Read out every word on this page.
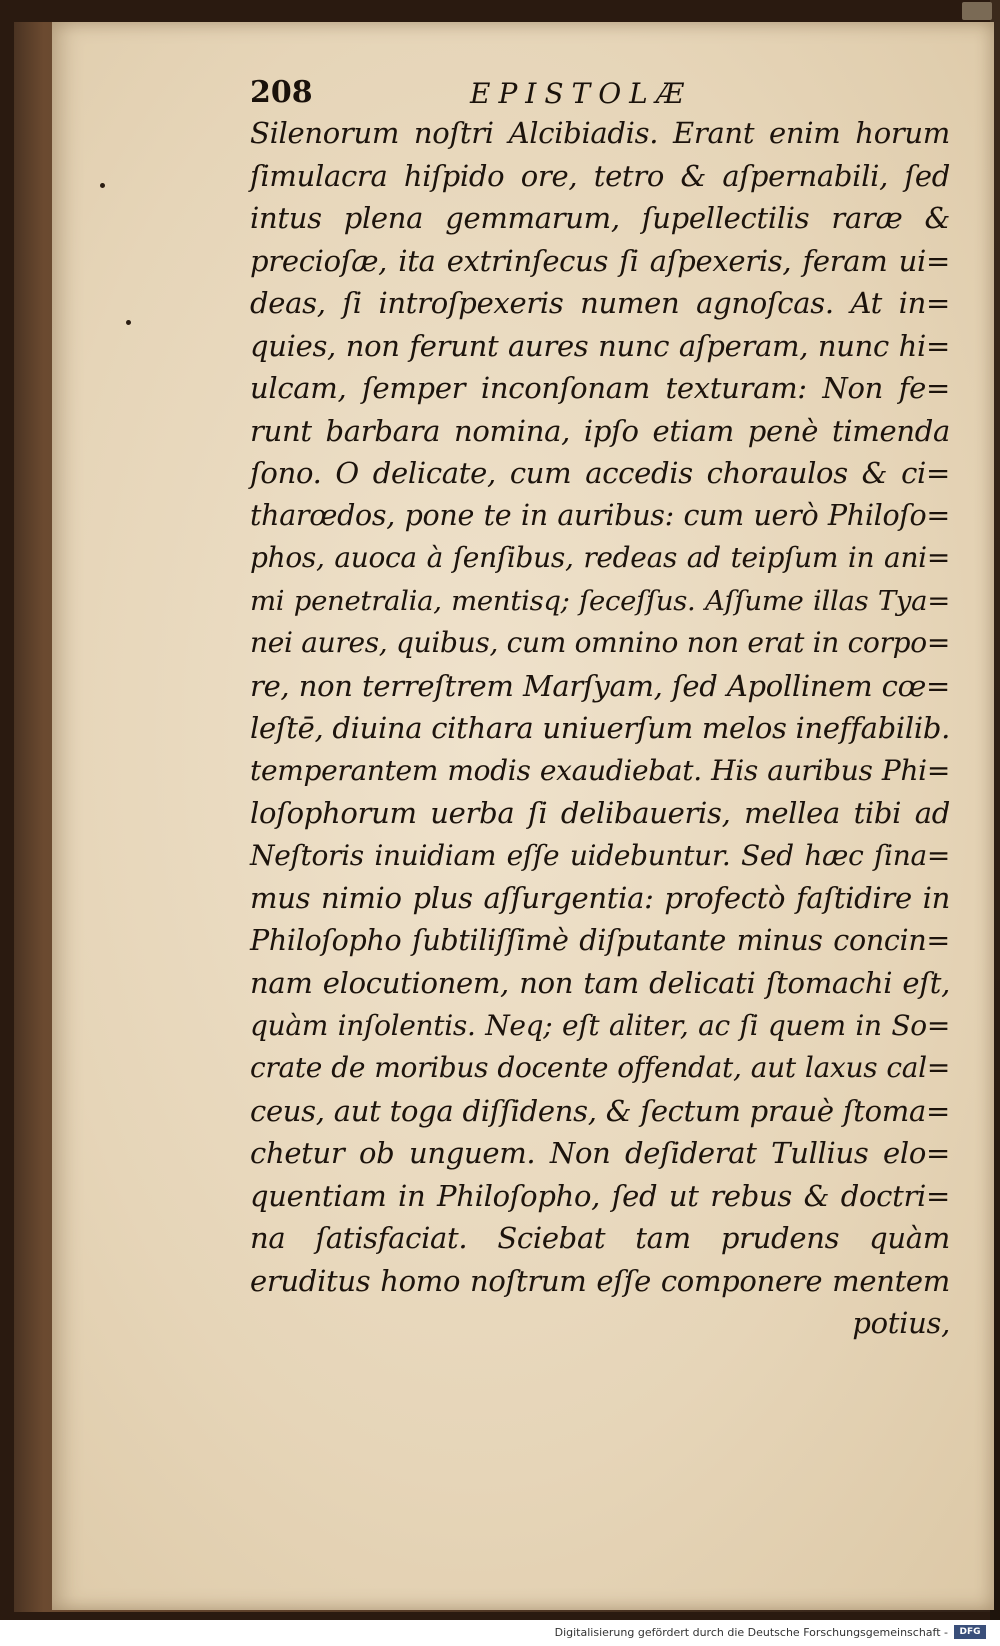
208	EPISTOLÆ
Silenorum noſtri Alcibiadis. Erant enim horum
ſimulacra hiſpido ore, tetro & aſpernabili, ſed
intus plena gemmarum, ſupellectilis raræ &
precioſæ, ita extrinſecus ſi aſpexeris, feram ui=
deas, ſi introſpexeris numen agnoſcas. At in=
quies, non ferunt aures nunc aſperam, nunc hi=
ulcam, ſemper inconſonam texturam: Non fe=
runt barbara nomina, ipſo etiam penè timenda
ſono. O delicate, cum accedis choraulos & ci=
tharœdos, pone te in auribus: cum uerò Philoſo=
phos, auoca à ſenſibus, redeas ad teipſum in ani=
mi penetralia, mentisq; ſeceſſus. Aſſume illas Tya=
nei aures, quibus, cum omnino non erat in corpo=
re, non terreſtrem Marſyam, ſed Apollinem cœ=
leſtē, diuina cithara uniuerſum melos ineffabilib.
temperantem modis exaudiebat. His auribus Phi=
loſophorum uerba ſi delibaueris, mellea tibi ad
Neſtoris inuidiam eſſe uidebuntur. Sed hæc ſina=
mus nimio plus aſſurgentia: profectò faſtidire in
Philoſopho ſubtiliſſimè diſputante minus concin=
nam elocutionem, non tam delicati ſtomachi eſt,
quàm inſolentis. Neq; eſt aliter, ac ſi quem in So=
crate de moribus docente offendat, aut laxus cal=
ceus, aut toga diſſidens, & ſectum prauè ſtoma=
chetur ob unguem. Non deſiderat Tullius elo=
quentiam in Philoſopho, ſed ut rebus & doctri=
na ſatisfaciat. Sciebat tam prudens quàm
eruditus homo noſtrum eſſe componere mentem
potius,
Digitalisierung gefördert durch die Deutsche Forschungsgemeinschaft -	DFG
